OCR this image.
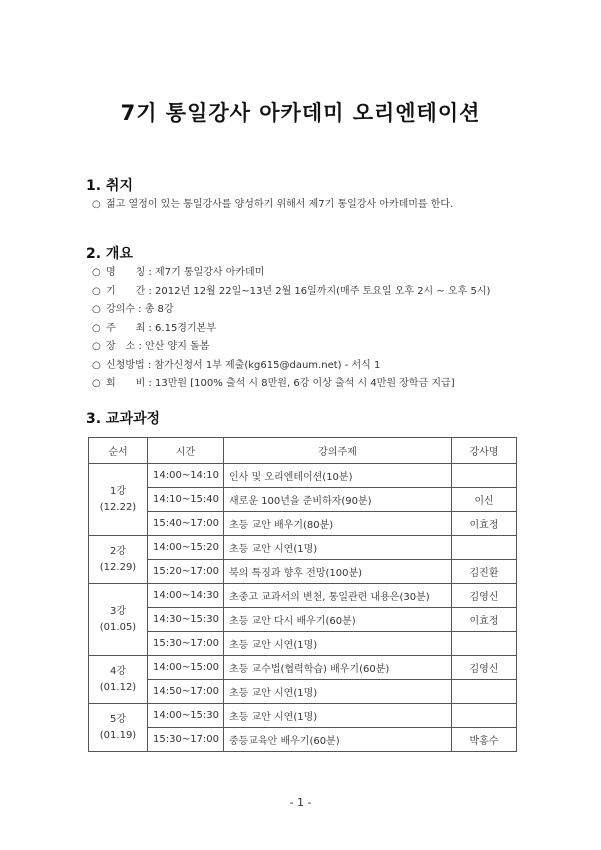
7기 통일강사 아카데미 오리엔테이션
1. 취지
○ 젊고 열정이 있는 통일강사를 양성하기 위해서 제7기 통일강사 아카데미를 한다.
2. 개요
○ 명　　칭 : 제7기 통일강사 아카데미
○ 기　　간 : 2012년 12월 22일~13년 2월 16일까지(매주 토요일 오후 2시 ~ 오후 5시)
○ 강의수 : 총 8강
○ 주　　최 : 6.15경기본부
○ 장　소 : 안산 양지 돌봄
○ 신청방법 : 참가신청서 1부 제출(kg615@daum.net) - 서식 1
○ 회　　비 : 13만원 [100% 출석 시 8만원, 6강 이상 출석 시 4만원 장학금 지급]
3. 교과과정
순서	시간	강의주제	강사명

1강
(12.22)	14:00~14:10	인사 및 오리엔테이션(10분)	
	14:10~15:40	새로운 100년을 준비하자(90분)	이신
	15:40~17:00	초등 교안 배우기(80분)	이효정

2강
(12.29)	14:00~15:20	초등 교안 시연(1명)	
	15:20~17:00	북의 특징과 향후 전망(100분)	김진환

3강
(01.05)	14:00~14:30	초중고 교과서의 변천, 통일관련 내용은(30분)	김영신
	14:30~15:30	초등 교안 다시 배우기(60분)	이효정
	15:30~17:00	초등 교안 시연(1명)	

4강
(01.12)	14:00~15:00	초등 교수법(협력학습) 배우기(60분)	김영신
	14:50~17:00	초등 교안 시연(1명)	

5강
(01.19)	14:00~15:30	초등 교안 시연(1명)	
	15:30~17:00	중등교육안 배우기(60분)	박홍수
- 1 -
